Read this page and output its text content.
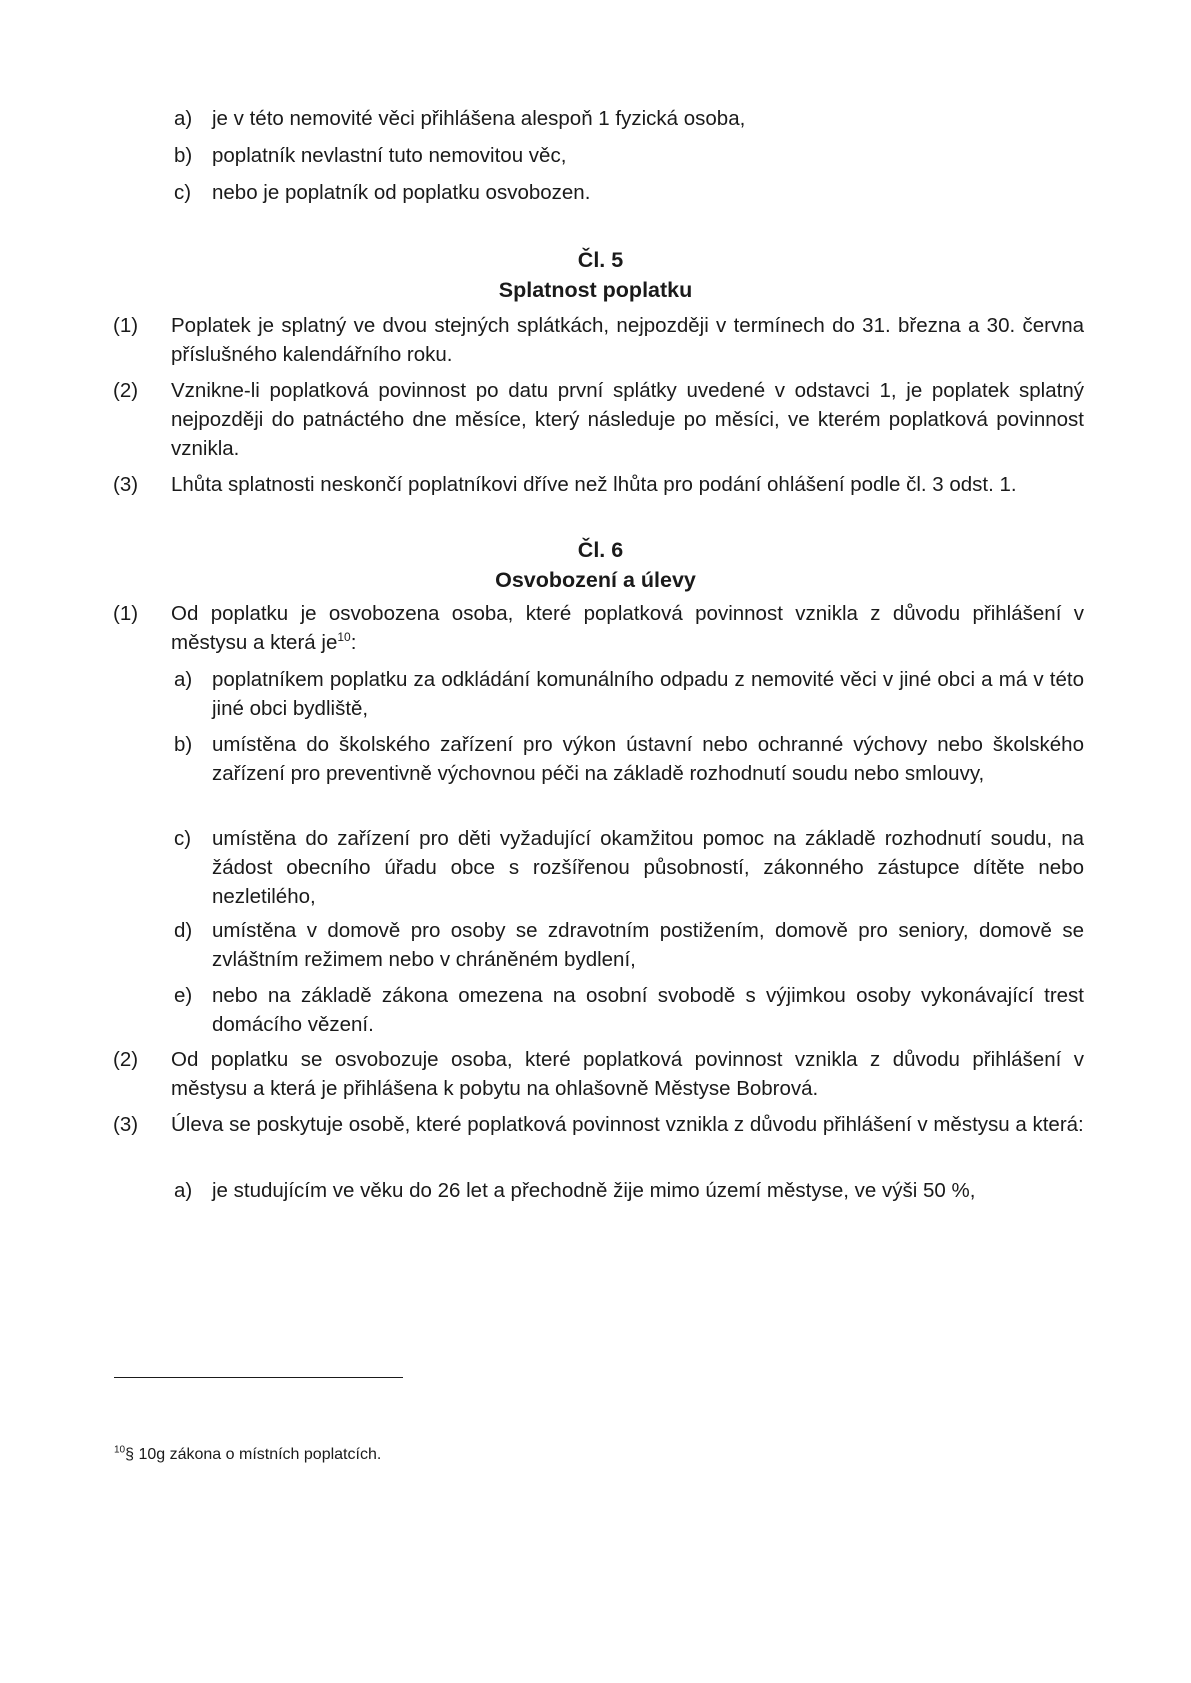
a) je v této nemovité věci přihlášena alespoň 1 fyzická osoba,
b) poplatník nevlastní tuto nemovitou věc,
c) nebo je poplatník od poplatku osvobozen.
Čl. 5
Splatnost poplatku
(1) Poplatek je splatný ve dvou stejných splátkách, nejpozději v termínech do 31. března a 30. června příslušného kalendářního roku.
(2) Vznikne-li poplatková povinnost po datu první splátky uvedené v odstavci 1, je poplatek splatný nejpozději do patnáctého dne měsíce, který následuje po měsíci, ve kterém poplatková povinnost vznikla.
(3) Lhůta splatnosti neskončí poplatníkovi dříve než lhůta pro podání ohlášení podle čl. 3 odst. 1.
Čl. 6
Osvobození a úlevy
(1) Od poplatku je osvobozena osoba, které poplatková povinnost vznikla z důvodu přihlášení v městysu a která $je^{10}$:
a) poplatníkem poplatku za odkládání komunálního odpadu z nemovité věci v jiné obci a má v této jiné obci bydliště,
b) umístěna do školského zařízení pro výkon ústavní nebo ochranné výchovy nebo školského zařízení pro preventivně výchovnou péči na základě rozhodnutí soudu nebo smlouvy,
c) umístěna do zařízení pro děti vyžadující okamžitou pomoc na základě rozhodnutí soudu, na žádost obecního úřadu obce s rozšířenou působností, zákonného zástupce dítěte nebo nezletilého,
d) umístěna v domově pro osoby se zdravotním postižením, domově pro seniory, domově se zvláštním režimem nebo v chráněném bydlení,
e) nebo na základě zákona omezena na osobní svobodě s výjimkou osoby vykonávající trest domácího vězení.
(2) Od poplatku se osvobozuje osoba, které poplatková povinnost vznikla z důvodu přihlášení v městysu a která je přihlášena k pobytu na ohlašovně Městyse Bobrová.
(3) Úleva se poskytuje osobě, které poplatková povinnost vznikla z důvodu přihlášení v městysu a která:
a) je studujícím ve věku do 26 let a přechodně žije mimo území městyse, ve výši 50 %,
$^{10}$§ 10g zákona o místních poplatcích.
